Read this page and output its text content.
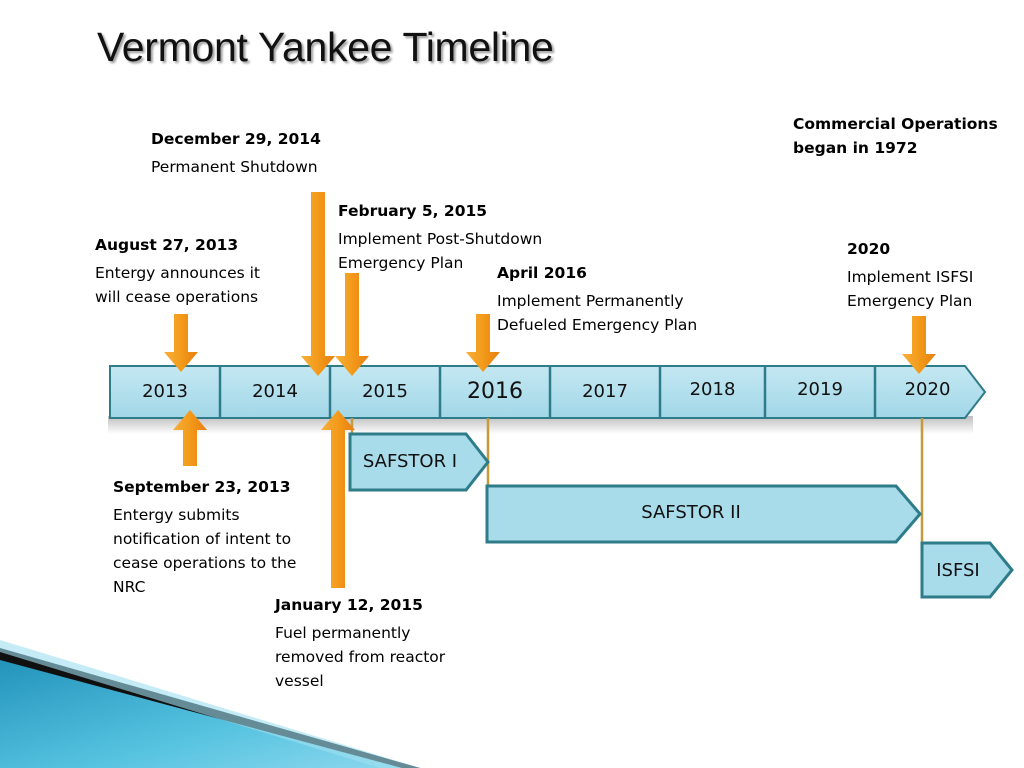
Vermont Yankee Timeline
2013	2014	2015	2016	2017	2018	2019	2020
SAFSTOR I
SAFSTOR II
ISFSI
December 29, 2014
Permanent Shutdown
February 5, 2015
Implement Post-Shutdown Emergency Plan
August 27, 2013
Entergy announces it will cease operations
April 2016
Implement Permanently Defueled Emergency Plan
2020
Implement ISFSI Emergency Plan
September 23, 2013
Entergy submits notification of intent to cease operations to the NRC
January 12, 2015
Fuel permanently removed from reactor vessel
Commercial Operations began in 1972
